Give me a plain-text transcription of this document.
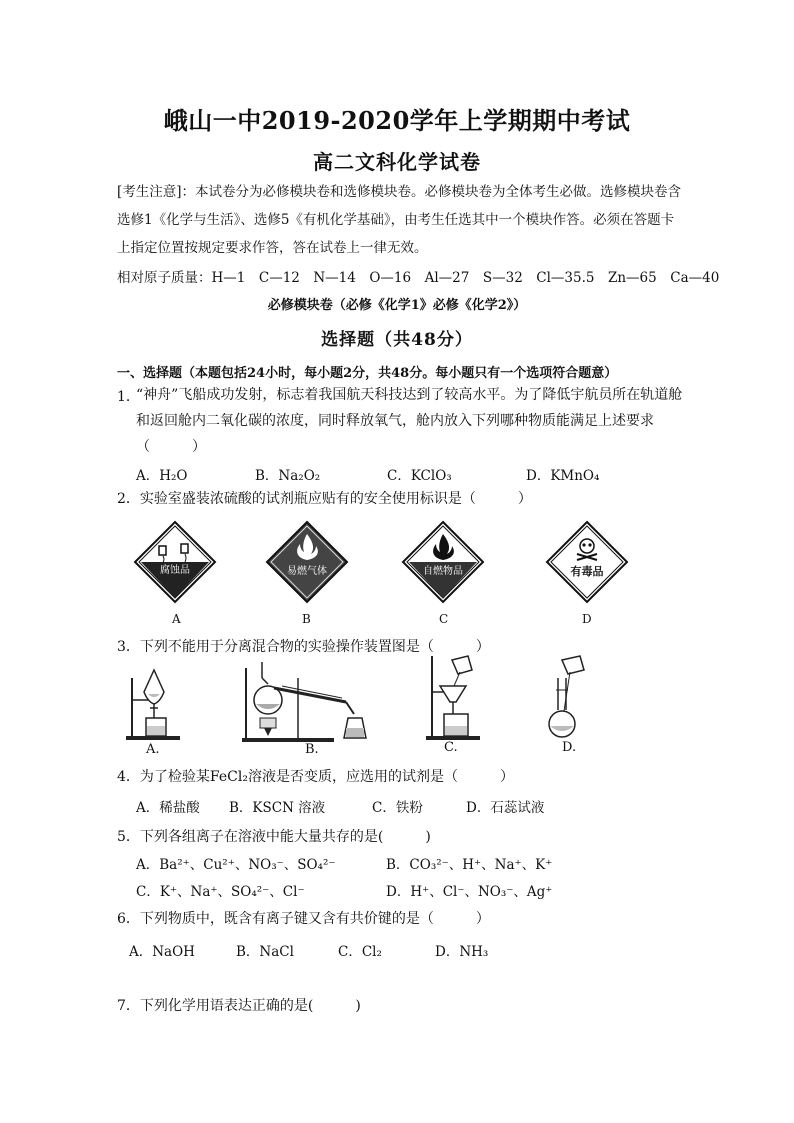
峨山一中2019-2020学年上学期期中考试
高二文科化学试卷
[考生注意]：本试卷分为必修模块卷和选修模块卷。必修模块卷为全体考生必做。选修模块卷含选修1《化学与生活》、选修5《有机化学基础》，由考生任选其中一个模块作答。必须在答题卡上指定位置按规定要求作答，答在试卷上一律无效。
相对原子质量：H—1　C—12　N—14　O—16　Al—27　S—32　Cl—35.5　Zn—65　Ca—40
必修模块卷（必修《化学1》必修《化学2》）
选择题（共48分）
一、选择题（本题包括24小时，每小题2分，共48分。每小题只有一个选项符合题意）
1．
“神舟”飞船成功发射，标志着我国航天科技达到了较高水平。为了降低宇航员所在轨道舱和返回舱内二氧化碳的浓度，同时释放氧气，舱内放入下列哪种物质能满足上述要求（　　　）
A．H₂O	B．Na₂O₂	C．KClO₃	D．KMnO₄
2．实验室盛装浓硫酸的试剂瓶应贴有的安全使用标识是（　　　）
腐蚀品	易燃气体	自燃物品	有毒品
A	B	C	D
3．下列不能用于分离混合物的实验操作装置图是（　　　）
A.	B.	C.	D.
4．为了检验某FeCl₂溶液是否变质，应选用的试剂是（　　　）
A．稀盐酸 B．KSCN 溶液	C．铁粉	D．石蕊试液
5．下列各组离子在溶液中能大量共存的是(　　　)
A．Ba²⁺、Cu²⁺、NO₃⁻、SO₄²⁻	B．CO₃²⁻、H⁺、Na⁺、K⁺
C．K⁺、Na⁺、SO₄²⁻、Cl⁻	D．H⁺、Cl⁻、NO₃⁻、Ag⁺
6．下列物质中，既含有离子键又含有共价键的是（　　　）
A．NaOH	B．NaCl	C．Cl₂	D．NH₃
7．下列化学用语表达正确的是(　　　)
